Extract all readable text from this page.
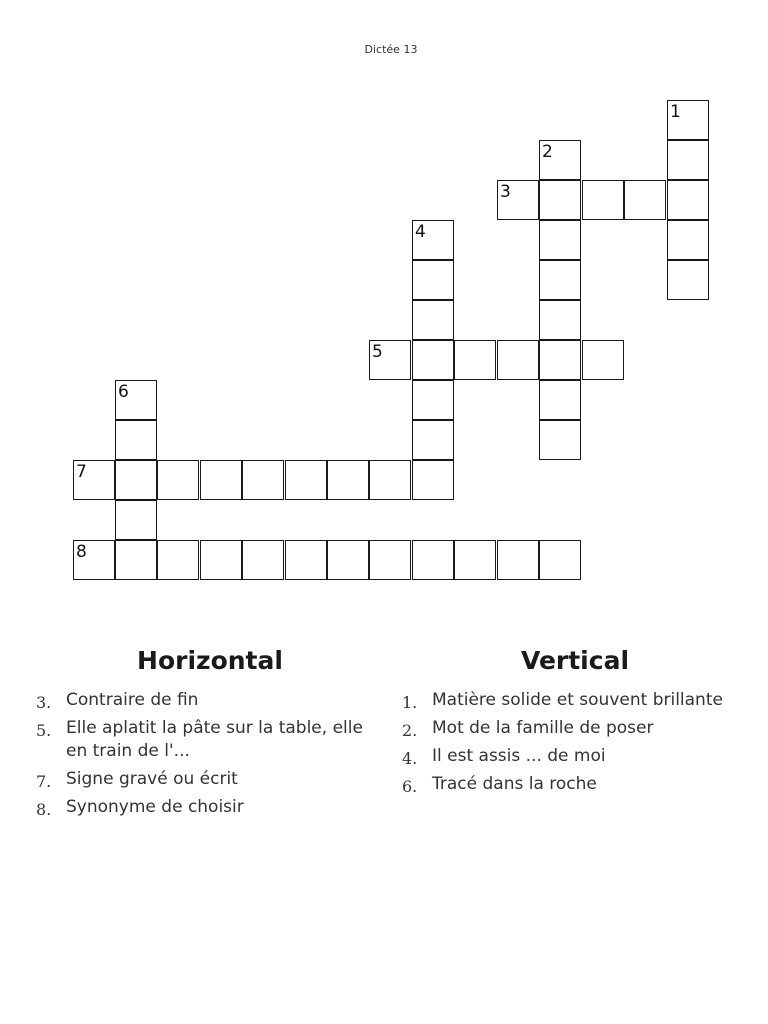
Dictée 13
1
2
3
4
5
6
7
8
Horizontal
3. Contraire de fin
5. Elle aplatit la pâte sur la table, elle en train de l'...
7. Signe gravé ou écrit
8. Synonyme de choisir
Vertical
1. Matière solide et souvent brillante
2. Mot de la famille de poser
4. Il est assis ... de moi
6. Tracé dans la roche
